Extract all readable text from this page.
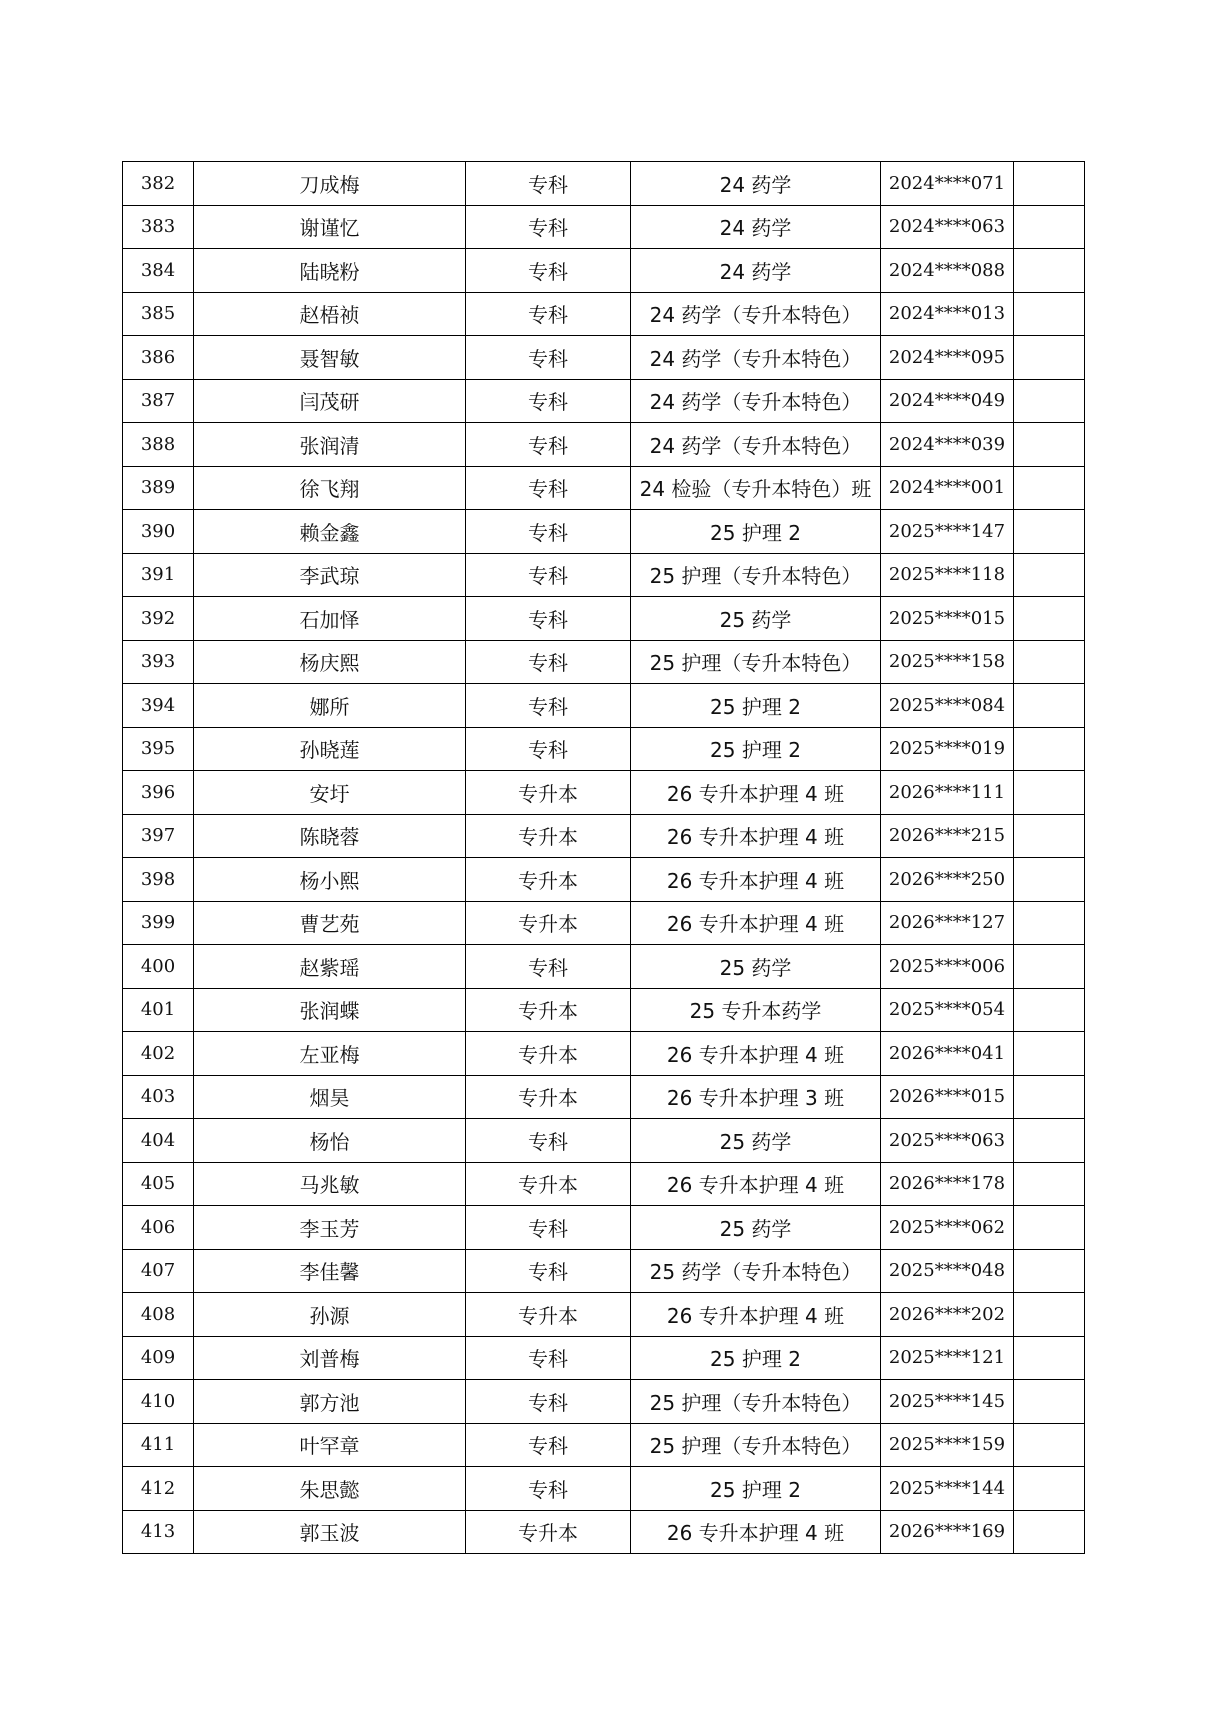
382	刀成梅	专科	24 药学	2024****071	
383	谢谨忆	专科	24 药学	2024****063	
384	陆晓粉	专科	24 药学	2024****088	
385	赵梧祯	专科	24 药学（专升本特色）	2024****013	
386	聂智敏	专科	24 药学（专升本特色）	2024****095	
387	闫茂研	专科	24 药学（专升本特色）	2024****049	
388	张润清	专科	24 药学（专升本特色）	2024****039	
389	徐飞翔	专科	24 检验（专升本特色）班	2024****001	
390	赖金鑫	专科	25 护理 2	2025****147	
391	李武琼	专科	25 护理（专升本特色）	2025****118	
392	石加怿	专科	25 药学	2025****015	
393	杨庆熙	专科	25 护理（专升本特色）	2025****158	
394	娜所	专科	25 护理 2	2025****084	
395	孙晓莲	专科	25 护理 2	2025****019	
396	安圩	专升本	26 专升本护理 4 班	2026****111	
397	陈晓蓉	专升本	26 专升本护理 4 班	2026****215	
398	杨小熙	专升本	26 专升本护理 4 班	2026****250	
399	曹艺苑	专升本	26 专升本护理 4 班	2026****127	
400	赵紫瑶	专科	25 药学	2025****006	
401	张润蝶	专升本	25 专升本药学	2025****054	
402	左亚梅	专升本	26 专升本护理 4 班	2026****041	
403	烟昊	专升本	26 专升本护理 3 班	2026****015	
404	杨怡	专科	25 药学	2025****063	
405	马兆敏	专升本	26 专升本护理 4 班	2026****178	
406	李玉芳	专科	25 药学	2025****062	
407	李佳馨	专科	25 药学（专升本特色）	2025****048	
408	孙源	专升本	26 专升本护理 4 班	2026****202	
409	刘普梅	专科	25 护理 2	2025****121	
410	郭方池	专科	25 护理（专升本特色）	2025****145	
411	叶罕章	专科	25 护理（专升本特色）	2025****159	
412	朱思懿	专科	25 护理 2	2025****144	
413	郭玉波	专升本	26 专升本护理 4 班	2026****169	
